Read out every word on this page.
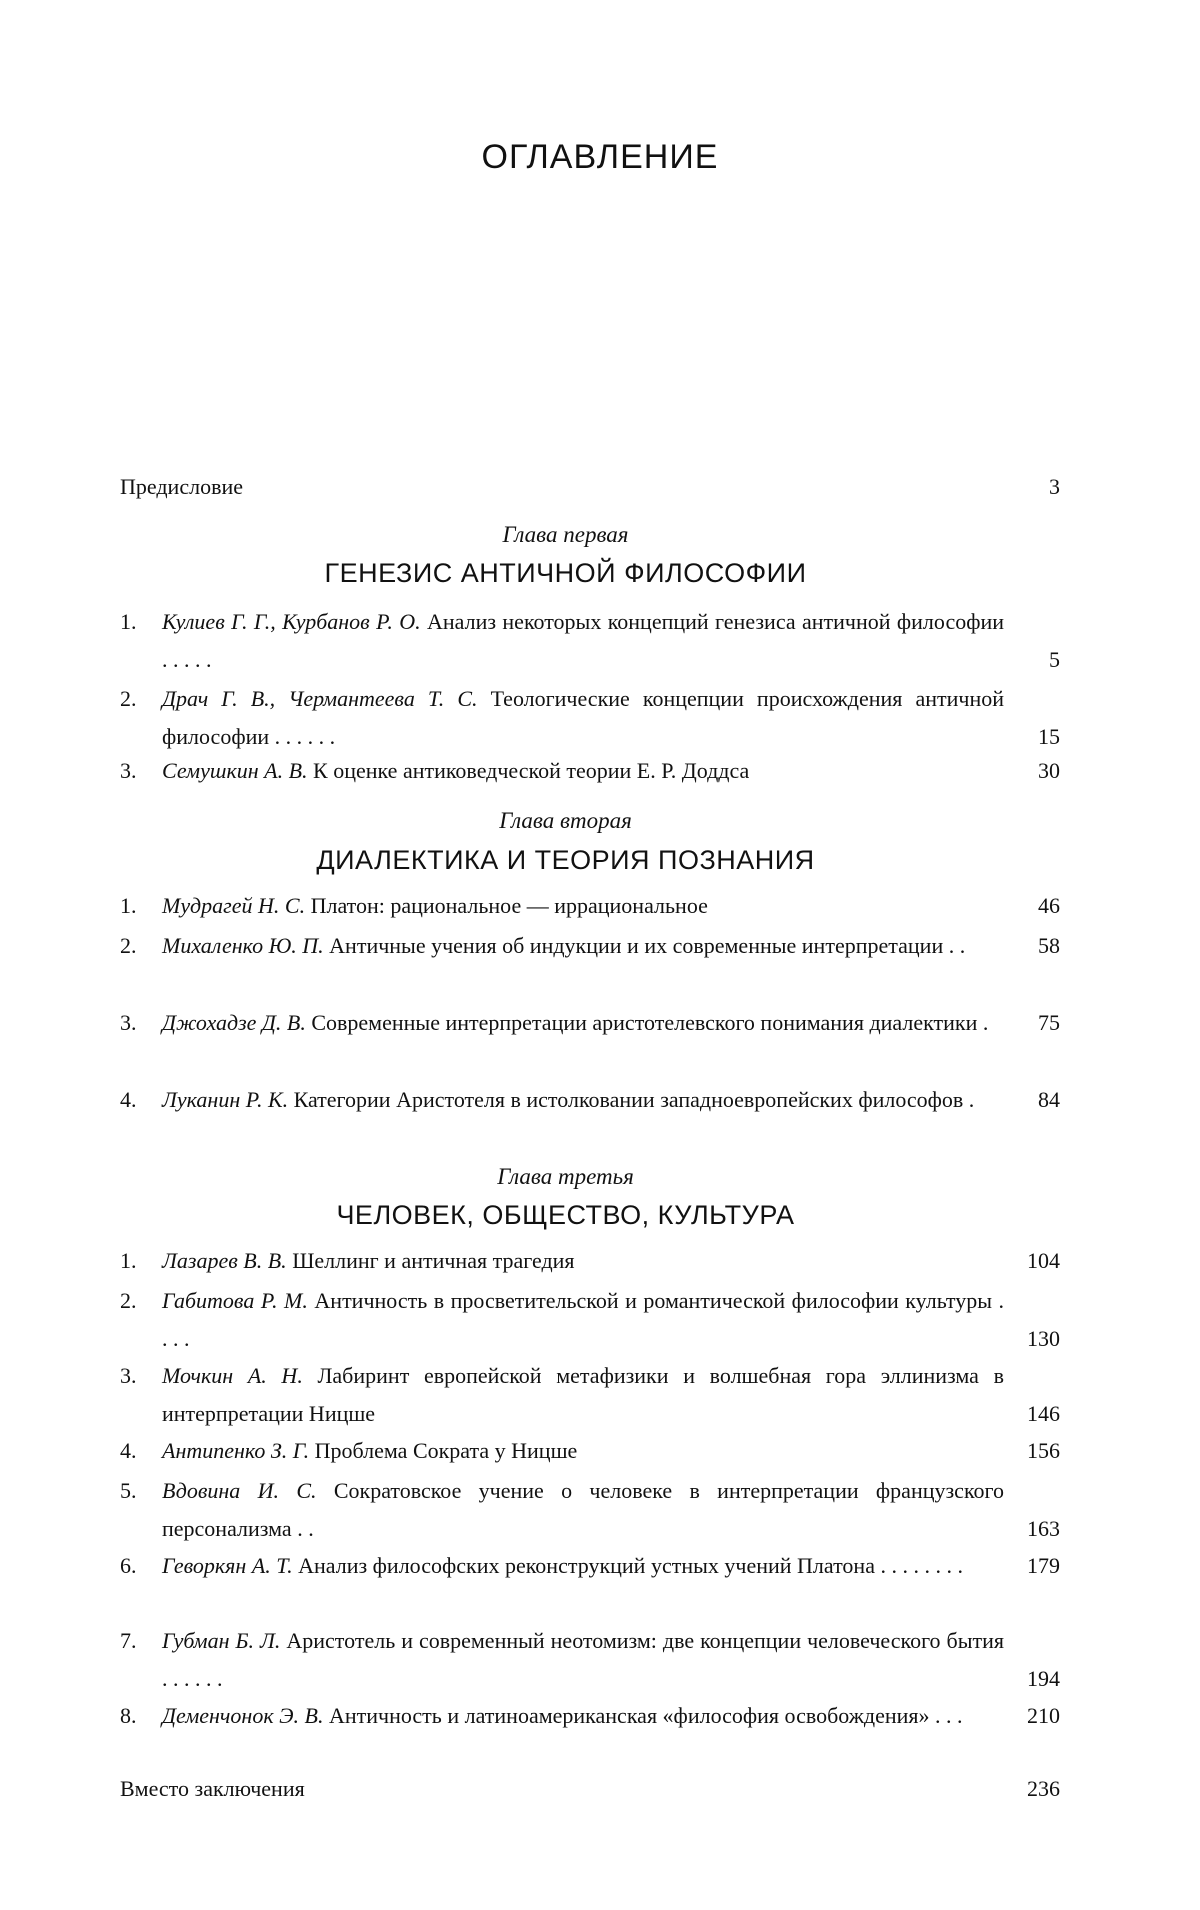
ОГЛАВЛЕНИЕ
Предисловие	3
Глава первая
ГЕНЕЗИС АНТИЧНОЙ ФИЛОСОФИИ
1. Кулиев Г. Г., Курбанов Р. О. Анализ некоторых концепций генезиса античной философии . . . . .	5
2. Драч Г. В., Чермантеева Т. С. Теологические концепции происхождения античной философии . . . . . .	15
3. Семушкин А. В. К оценке антиковедческой теории Е. Р. Доддса	30
Глава вторая
ДИАЛЕКТИКА И ТЕОРИЯ ПОЗНАНИЯ
1. Мудрагей Н. С. Платон: рациональное — иррациональное	46
2. Михаленко Ю. П. Античные учения об индукции и их современные интерпретации . .	58
3. Джохадзе Д. В. Современные интерпретации аристотелевского понимания диалектики .	75
4. Луканин Р. К. Категории Аристотеля в истолковании западноевропейских философов .	84
Глава третья
ЧЕЛОВЕК, ОБЩЕСТВО, КУЛЬТУРА
1. Лазарев В. В. Шеллинг и античная трагедия	104
2. Габитова Р. М. Античность в просветительской и романтической философии культуры . . . .	130
3. Мочкин А. Н. Лабиринт европейской метафизики и волшебная гора эллинизма в интерпретации Ницше	146
4. Антипенко З. Г. Проблема Сократа у Ницше	156
5. Вдовина И. С. Сократовское учение о человеке в интерпретации французского персонализма . .	163
6. Геворкян А. Т. Анализ философских реконструкций устных учений Платона . . . . . . . .	179
7. Губман Б. Л. Аристотель и современный неотомизм: две концепции человеческого бытия . . . . . .	194
8. Деменчонок Э. В. Античность и латиноамериканская «философия освобождения» . . .	210
Вместо заключения	236
